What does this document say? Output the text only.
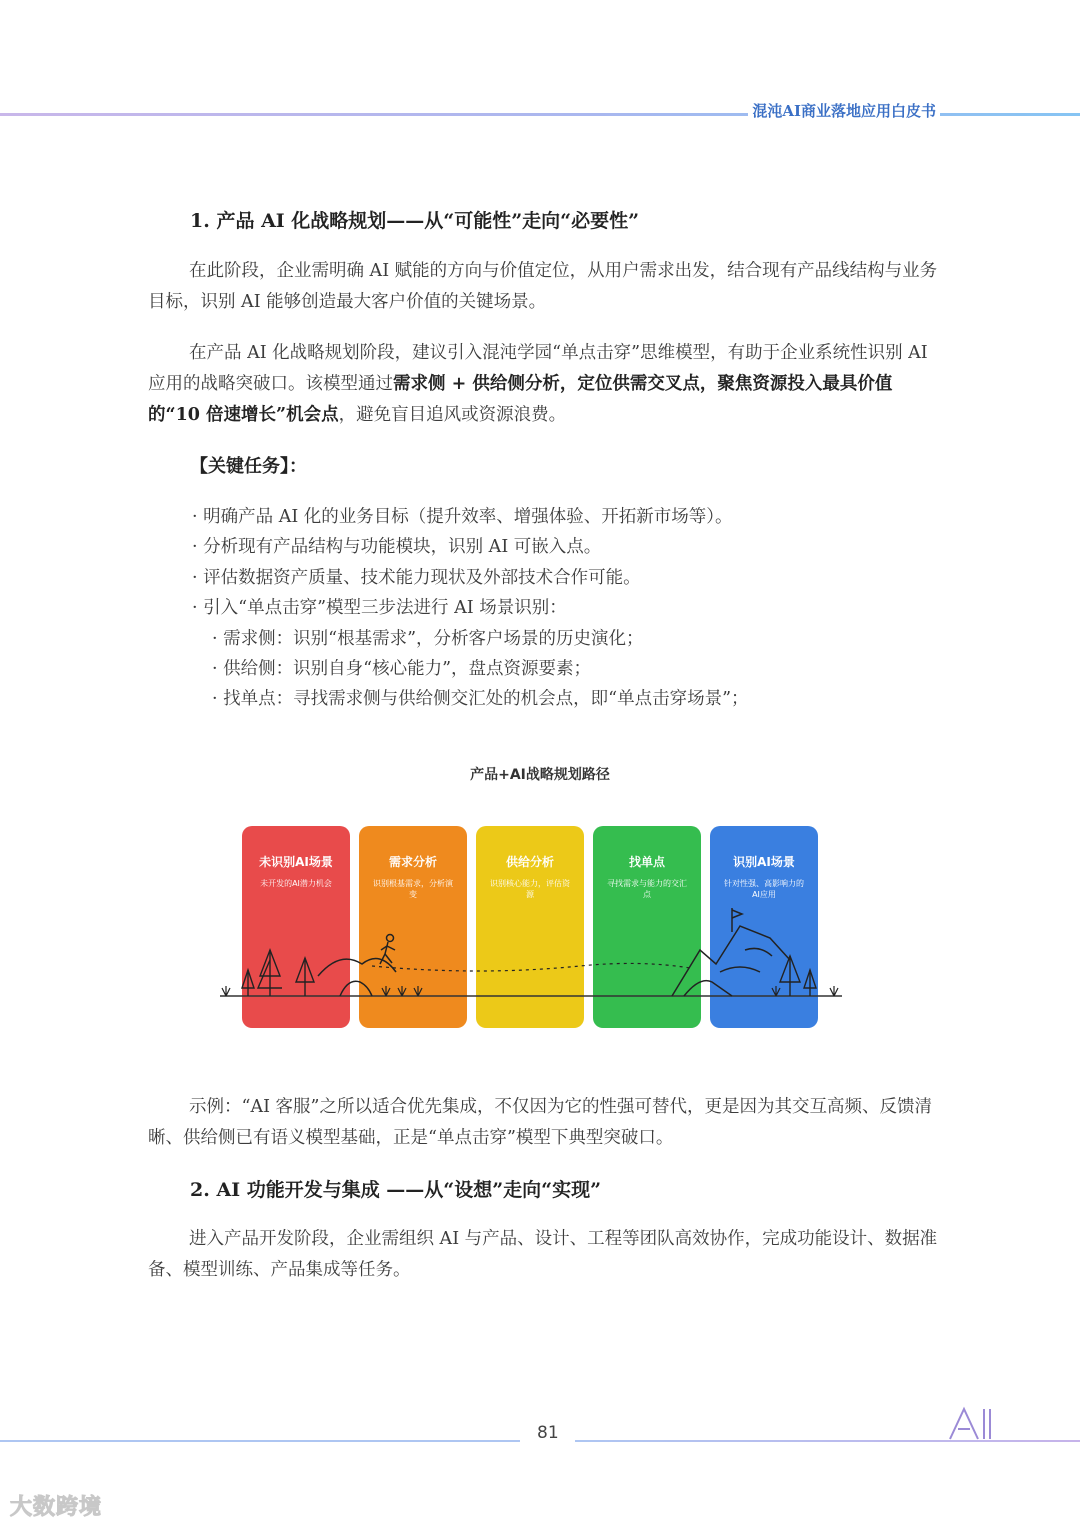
混沌AI商业落地应用白皮书
1. 产品 AI 化战略规划——从“可能性”走向“必要性”

在此阶段，企业需明确 AI 赋能的方向与价值定位，从用户需求出发，结合现有产品线结构与业务目标，识别 AI 能够创造最大客户价值的关键场景。

在产品 AI 化战略规划阶段，建议引入混沌学园“单点击穿”思维模型，有助于企业系统性识别 AI 应用的战略突破口。该模型通过需求侧 + 供给侧分析，定位供需交叉点，聚焦资源投入最具价值的“10 倍速增长”机会点，避免盲目追风或资源浪费。

【关键任务】：
· 明确产品 AI 化的业务目标（提升效率、增强体验、开拓新市场等）。
· 分析现有产品结构与功能模块，识别 AI 可嵌入点。
· 评估数据资产质量、技术能力现状及外部技术合作可能。
· 引入“单点击穿”模型三步法进行 AI 场景识别：
· 需求侧：识别“根基需求”，分析客户场景的历史演化；
· 供给侧：识别自身“核心能力”，盘点资源要素；
· 找单点：寻找需求侧与供给侧交汇处的机会点，即“单点击穿场景”；
产品+AI战略规划路径
未识别AI场景
未开发的AI潜力机会
需求分析
识别根基需求，分析演
变
供给分析
识别核心能力，评估资
源
找单点
寻找需求与能力的交汇
点
识别AI场景
针对性强、高影响力的
AI应用

示例：“AI 客服”之所以适合优先集成，不仅因为它的性强可替代，更是因为其交互高频、反馈清晰、供给侧已有语义模型基础，正是“单点击穿”模型下典型突破口。

2. AI 功能开发与集成 ——从“设想”走向“实现”

进入产品开发阶段，企业需组织 AI 与产品、设计、工程等团队高效协作，完成功能设计、数据准备、模型训练、产品集成等任务。

81
大数跨境
